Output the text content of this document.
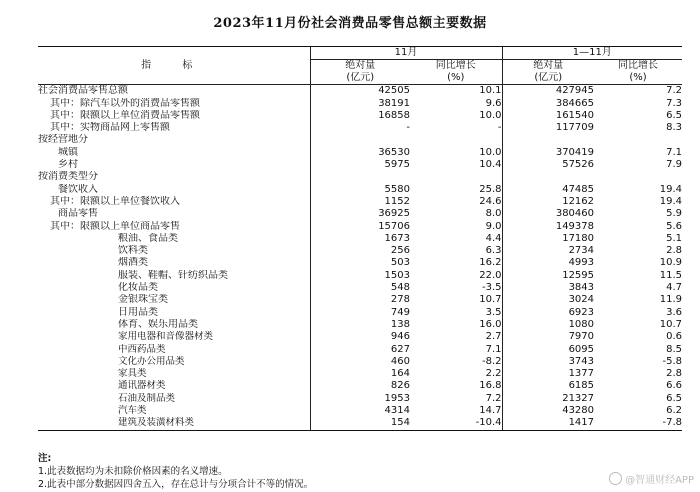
2023年11月份社会消费品零售总额主要数据
指 标	11月		1—11月	
	绝对量	同比增长	绝对量	同比增长
	(亿元)	(%)	(亿元)	(%)
社会消费品零售总额	42505	10.1	427945	7.2
其中：除汽车以外的消费品零售额	38191	9.6	384665	7.3
其中：限额以上单位消费品零售额	16858	10.0	161540	6.5
其中：实物商品网上零售额	-	-	117709	8.3
按经营地分				
城镇	36530	10.0	370419	7.1
乡村	5975	10.4	57526	7.9
按消费类型分				
餐饮收入	5580	25.8	47485	19.4
其中：限额以上单位餐饮收入	1152	24.6	12162	19.4
商品零售	36925	8.0	380460	5.9
其中：限额以上单位商品零售	15706	9.0	149378	5.6
粮油、食品类	1673	4.4	17180	5.1
饮料类	256	6.3	2734	2.8
烟酒类	503	16.2	4993	10.9
服装、鞋帽、针纺织品类	1503	22.0	12595	11.5
化妆品类	548	-3.5	3843	4.7
金银珠宝类	278	10.7	3024	11.9
日用品类	749	3.5	6923	3.6
体育、娱乐用品类	138	16.0	1080	10.7
家用电器和音像器材类	946	2.7	7970	0.6
中西药品类	627	7.1	6095	8.5
文化办公用品类	460	-8.2	3743	-5.8
家具类	164	2.2	1377	2.8
通讯器材类	826	16.8	6185	6.6
石油及制品类	1953	7.2	21327	6.5
汽车类	4314	14.7	43280	6.2
建筑及装潢材料类	154	-10.4	1417	-7.8
注:
1.此表数据均为未扣除价格因素的名义增速。
2.此表中部分数据因四舍五入，存在总计与分项合计不等的情况。	@智通财经APP
